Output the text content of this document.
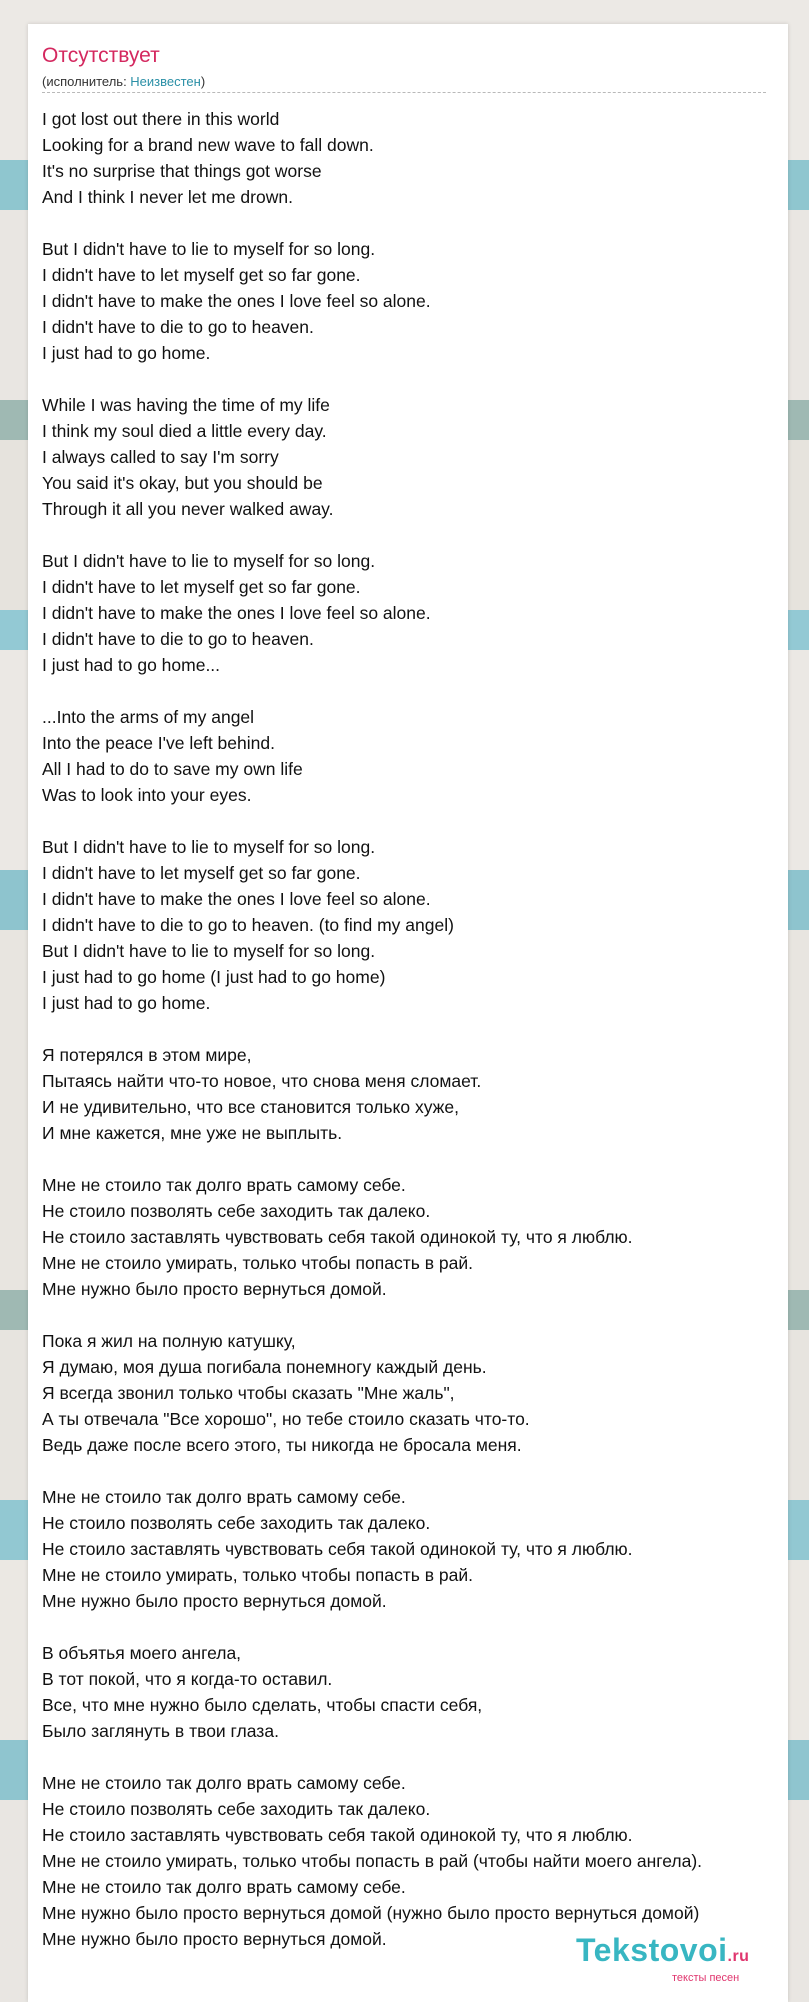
Отсутствует
(исполнитель: Неизвестен)
I got lost out there in this world
Looking for a brand new wave to fall down.
It's no surprise that things got worse
And I think I never let me drown.
But I didn't have to lie to myself for so long.
I didn't have to let myself get so far gone.
I didn't have to make the ones I love feel so alone.
I didn't have to die to go to heaven.
I just had to go home.
While I was having the time of my life
I think my soul died a little every day.
I always called to say I'm sorry
You said it's okay, but you should be
Through it all you never walked away.
But I didn't have to lie to myself for so long.
I didn't have to let myself get so far gone.
I didn't have to make the ones I love feel so alone.
I didn't have to die to go to heaven.
I just had to go home...
...Into the arms of my angel
Into the peace I've left behind.
All I had to do to save my own life
Was to look into your eyes.
But I didn't have to lie to myself for so long.
I didn't have to let myself get so far gone.
I didn't have to make the ones I love feel so alone.
I didn't have to die to go to heaven. (to find my angel)
But I didn't have to lie to myself for so long.
I just had to go home (I just had to go home)
I just had to go home.
Я потерялся в этом мире,
Пытаясь найти что-то новое, что снова меня сломает.
И не удивительно, что все становится только хуже,
И мне кажется, мне уже не выплыть.
Мне не стоило так долго врать самому себе.
Не стоило позволять себе заходить так далеко.
Не стоило заставлять чувствовать себя такой одинокой ту, что я люблю.
Мне не стоило умирать, только чтобы попасть в рай.
Мне нужно было просто вернуться домой.
Пока я жил на полную катушку,
Я думаю, моя душа погибала понемногу каждый день.
Я всегда звонил только чтобы сказать "Мне жаль",
А ты отвечала "Все хорошо", но тебе стоило сказать что-то.
Ведь даже после всего этого, ты никогда не бросала меня.
Мне не стоило так долго врать самому себе.
Не стоило позволять себе заходить так далеко.
Не стоило заставлять чувствовать себя такой одинокой ту, что я люблю.
Мне не стоило умирать, только чтобы попасть в рай.
Мне нужно было просто вернуться домой.
В объятья моего ангела,
В тот покой, что я когда-то оставил.
Все, что мне нужно было сделать, чтобы спасти себя,
Было заглянуть в твои глаза.
Мне не стоило так долго врать самому себе.
Не стоило позволять себе заходить так далеко.
Не стоило заставлять чувствовать себя такой одинокой ту, что я люблю.
Мне не стоило умирать, только чтобы попасть в рай (чтобы найти моего ангела).
Мне не стоило так долго врать самому себе.
Мне нужно было просто вернуться домой (нужно было просто вернуться домой)
Мне нужно было просто вернуться домой.	Tekstovoi.ru
тексты песен
